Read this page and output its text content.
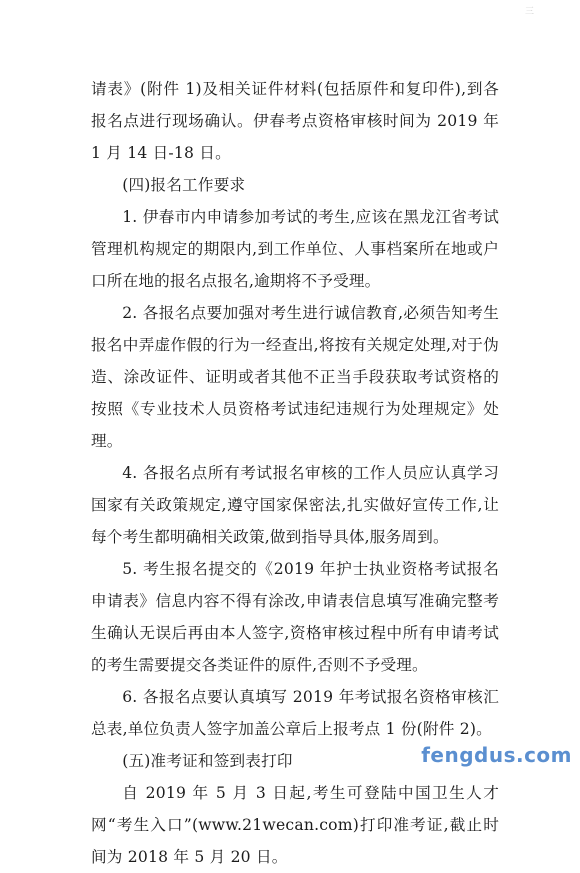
三

请表》(附件 1)及相关证件材料(包括原件和复印件),到各报名点进行现场确认。伊春考点资格审核时间为 2019 年 1 月 14 日-18 日。

(四)报名工作要求

1. 伊春市内申请参加考试的考生,应该在黑龙江省考试管理机构规定的期限内,到工作单位、人事档案所在地或户口所在地的报名点报名,逾期将不予受理。

2. 各报名点要加强对考生进行诚信教育,必须告知考生报名中弄虚作假的行为一经查出,将按有关规定处理,对于伪造、涂改证件、证明或者其他不正当手段获取考试资格的按照《专业技术人员资格考试违纪违规行为处理规定》处理。

4. 各报名点所有考试报名审核的工作人员应认真学习国家有关政策规定,遵守国家保密法,扎实做好宣传工作,让每个考生都明确相关政策,做到指导具体,服务周到。

5. 考生报名提交的《2019 年护士执业资格考试报名申请表》信息内容不得有涂改,申请表信息填写准确完整考生确认无误后再由本人签字,资格审核过程中所有申请考试的考生需要提交各类证件的原件,否则不予受理。

6. 各报名点要认真填写 2019 年考试报名资格审核汇总表,单位负责人签字加盖公章后上报考点 1 份(附件 2)。

(五)准考证和签到表打印

自 2019 年 5 月 3 日起,考生可登陆中国卫生人才网“考生入口”(www.21wecan.com)打印准考证,截止时间为 2018 年 5 月 20 日。

fengdus.com
